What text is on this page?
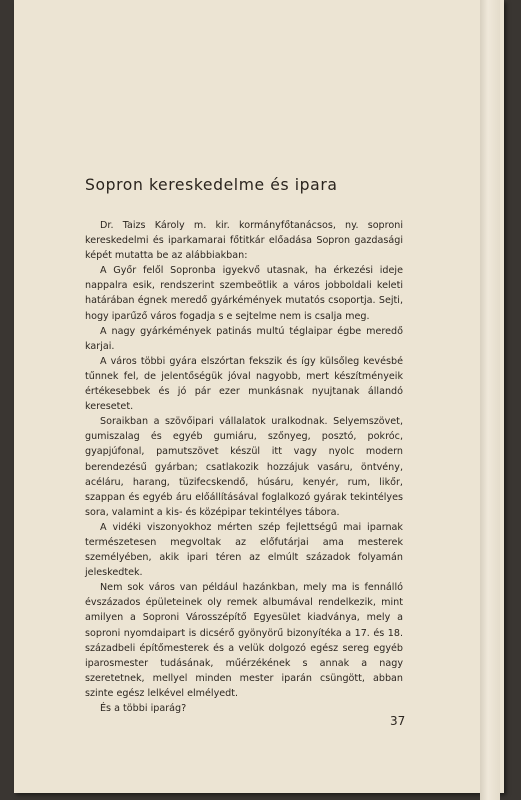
Sopron kereskedelme és ipara

Dr. Taizs Károly m. kir. kormányfőtanácsos, ny. soproni kereskedelmi és iparkamarai főtitkár előadása Sopron gazdasági képét mutatta be az alábbiakban:

A Győr felől Sopronba igyekvő utasnak, ha érkezési ideje nappalra esik, rendszerint szembeötlik a város jobboldali keleti határában égnek meredő gyárkémények mutatós csoportja. Sejti, hogy iparűző város fogadja s e sejtelme nem is csalja meg.

A nagy gyárkémények patinás multú téglaipar égbe meredő karjai.

A város többi gyára elszórtan fekszik és így külsőleg kevésbé tűnnek fel, de jelentőségük jóval nagyobb, mert készítményeik értékesebbek és jó pár ezer munkásnak nyujtanak állandó keresetet.

Soraikban a szövőipari vállalatok uralkodnak. Selyemszövet, gumiszalag és egyéb gumiáru, szőnyeg, posztó, pokróc, gyapjúfonal, pamutszövet készül itt vagy nyolc modern berendezésű gyárban; csatlakozik hozzájuk vasáru, öntvény, acéláru, harang, tüzifecskendő, húsáru, kenyér, rum, likőr, szappan és egyéb áru előállításával foglalkozó gyárak tekintélyes sora, valamint a kis- és középipar tekintélyes tábora.

A vidéki viszonyokhoz mérten szép fejlettségű mai iparnak természetesen megvoltak az előfutárjai ama mesterek személyében, akik ipari téren az elmúlt századok folyamán jeleskedtek.

Nem sok város van például hazánkban, mely ma is fennálló évszázados épületeinek oly remek albumával rendelkezik, mint amilyen a Soproni Városszépítő Egyesület kiadványa, mely a soproni nyomdaipart is dicsérő gyönyörű bizonyítéka a 17. és 18. századbeli építőmesterek és a velük dolgozó egész sereg egyéb iparosmester tudásának, műérzékének s annak a nagy szeretetnek, mellyel minden mester iparán csüngött, abban szinte egész lelkével elmélyedt.

És a többi iparág?

37
